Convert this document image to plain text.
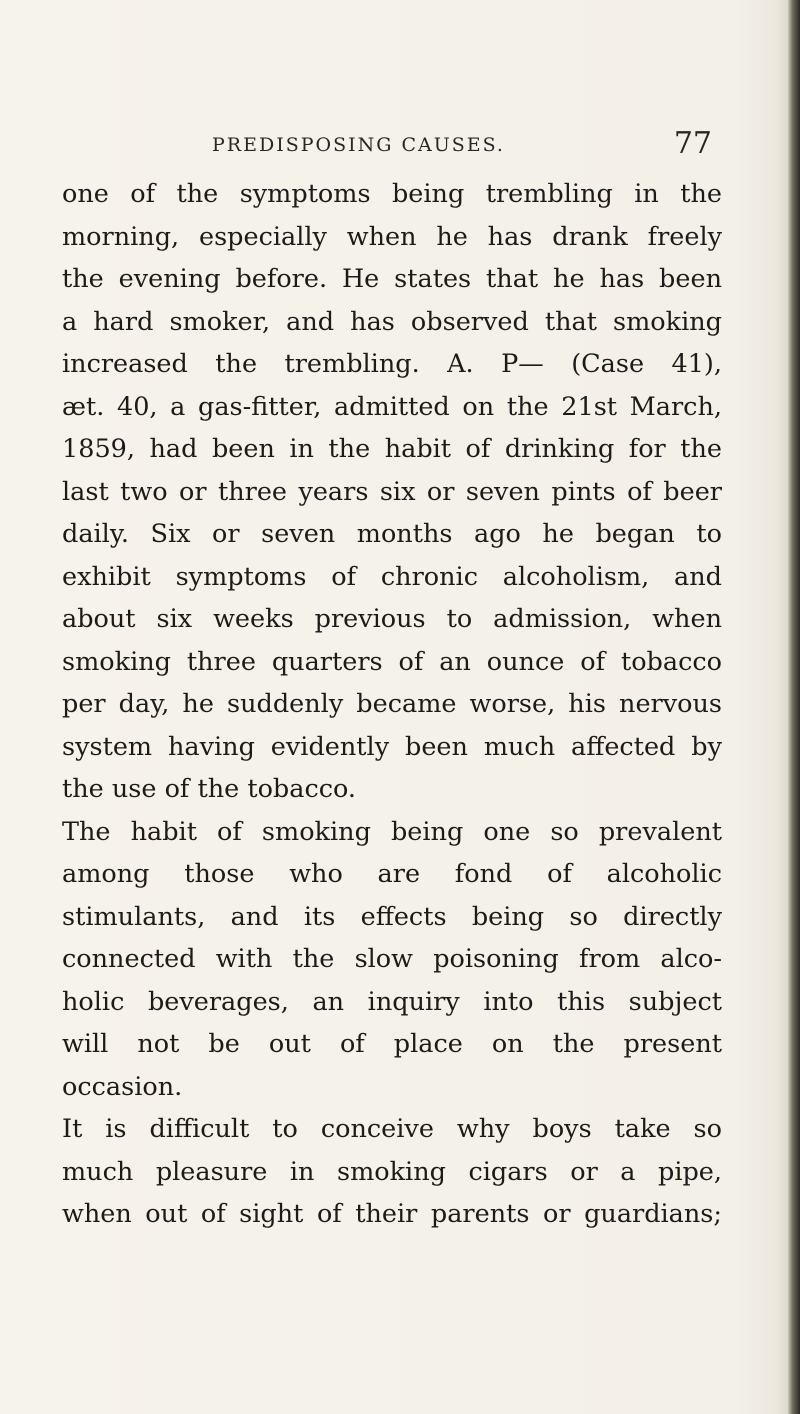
PREDISPOSING CAUSES.	77
one of the symptoms being trembling in the
morning, especially when he has drank freely
the evening before. He states that he has been
a hard smoker, and has observed that smoking
increased the trembling. A. P— (Case 41),
æt. 40, a gas-fitter, admitted on the 21st March,
1859, had been in the habit of drinking for the
last two or three years six or seven pints of beer
daily. Six or seven months ago he began to
exhibit symptoms of chronic alcoholism, and
about six weeks previous to admission, when
smoking three quarters of an ounce of tobacco
per day, he suddenly became worse, his nervous
system having evidently been much affected by
the use of the tobacco.
The habit of smoking being one so prevalent
among those who are fond of alcoholic
stimulants, and its effects being so directly
connected with the slow poisoning from alco-
holic beverages, an inquiry into this subject
will not be out of place on the present
occasion.
It is difficult to conceive why boys take so
much pleasure in smoking cigars or a pipe,
when out of sight of their parents or guardians;
